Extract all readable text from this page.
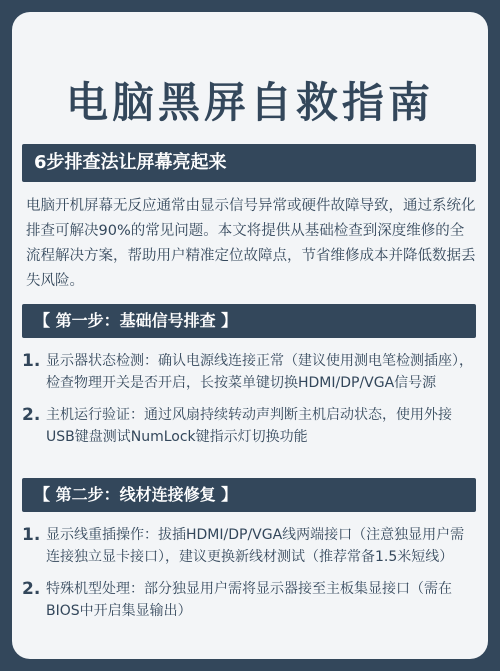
电脑黑屏自救指南
6步排查法让屏幕亮起来

电脑开机屏幕无反应通常由显示信号异常或硬件故障导致，通过系统化排查可解决90%的常见问题。本文将提供从基础检查到深度维修的全流程解决方案，帮助用户精准定位故障点，节省维修成本并降低数据丢失风险。

【 第一步：基础信号排查 】
1. 显示器状态检测：确认电源线连接正常（建议使用测电笔检测插座），检查物理开关是否开启，长按菜单键切换HDMI/DP/VGA信号源
2. 主机运行验证：通过风扇持续转动声判断主机启动状态，使用外接USB键盘测试NumLock键指示灯切换功能
【 第二步：线材连接修复 】
1. 显示线重插操作：拔插HDMI/DP/VGA线两端接口（注意独显用户需连接独立显卡接口），建议更换新线材测试（推荐常备1.5米短线）
2. 特殊机型处理：部分独显用户需将显示器接至主板集显接口（需在BIOS中开启集显输出）
